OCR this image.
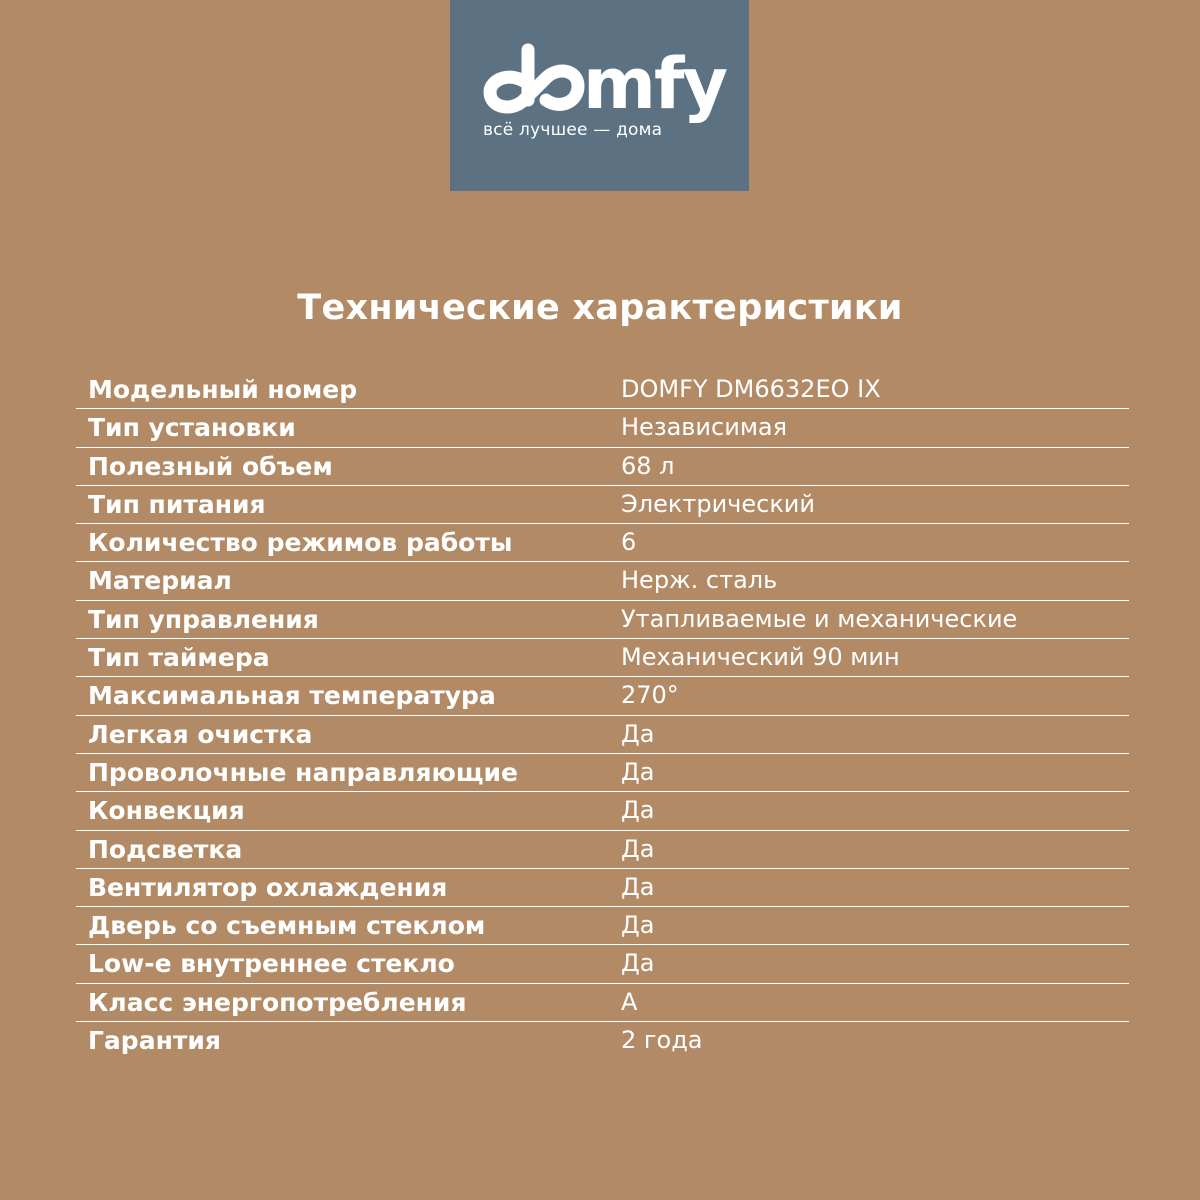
mfy
всё лучшее — дома
Технические характеристики
Модельный номер	DOMFY DM6632EO IX
Тип установки	Независимая
Полезный объем	68 л
Тип питания	Электрический
Количество режимов работы	6
Материал	Нерж. сталь
Тип управления	Утапливаемые и механические
Тип таймера	Механический 90 мин
Максимальная температура	270°
Легкая очистка	Да
Проволочные направляющие	Да
Конвекция	Да
Подсветка	Да
Вентилятор охлаждения	Да
Дверь со съемным стеклом	Да
Low-e внутреннее стекло	Да
Класс энергопотребления	А
Гарантия	2 года
